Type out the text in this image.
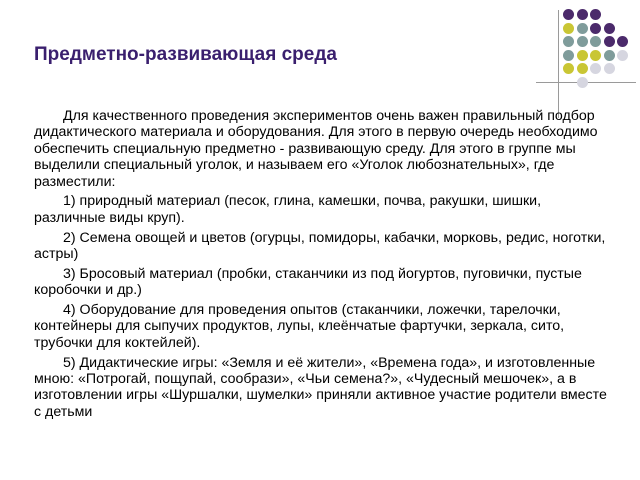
Предметно-развивающая среда

Для качественного проведения экспериментов очень важен правильный подбор дидактического материала и оборудования. Для этого в первую очередь необходимо обеспечить специальную предметно - развивающую среду. Для этого в группе мы выделили специальный уголок, и называем его «Уголок любознательных», где разместили:

1) природный материал (песок, глина, камешки, почва, ракушки, шишки, различные виды круп).

2) Семена овощей и цветов (огурцы, помидоры, кабачки, морковь, редис, ноготки, астры)

3) Бросовый материал (пробки, стаканчики из под йогуртов, пуговички, пустые коробочки и др.)

4) Оборудование для проведения опытов (стаканчики, ложечки, тарелочки, контейнеры для сыпучих продуктов, лупы, клеёнчатые фартучки, зеркала, сито, трубочки для коктейлей).

5) Дидактические игры: «Земля и её жители», «Времена года», и изготовленные мною: «Потрогай, пощупай, сообрази», «Чьи семена?», «Чудесный мешочек», а в изготовлении игры «Шуршалки, шумелки» приняли активное участие родители вместе с детьми
